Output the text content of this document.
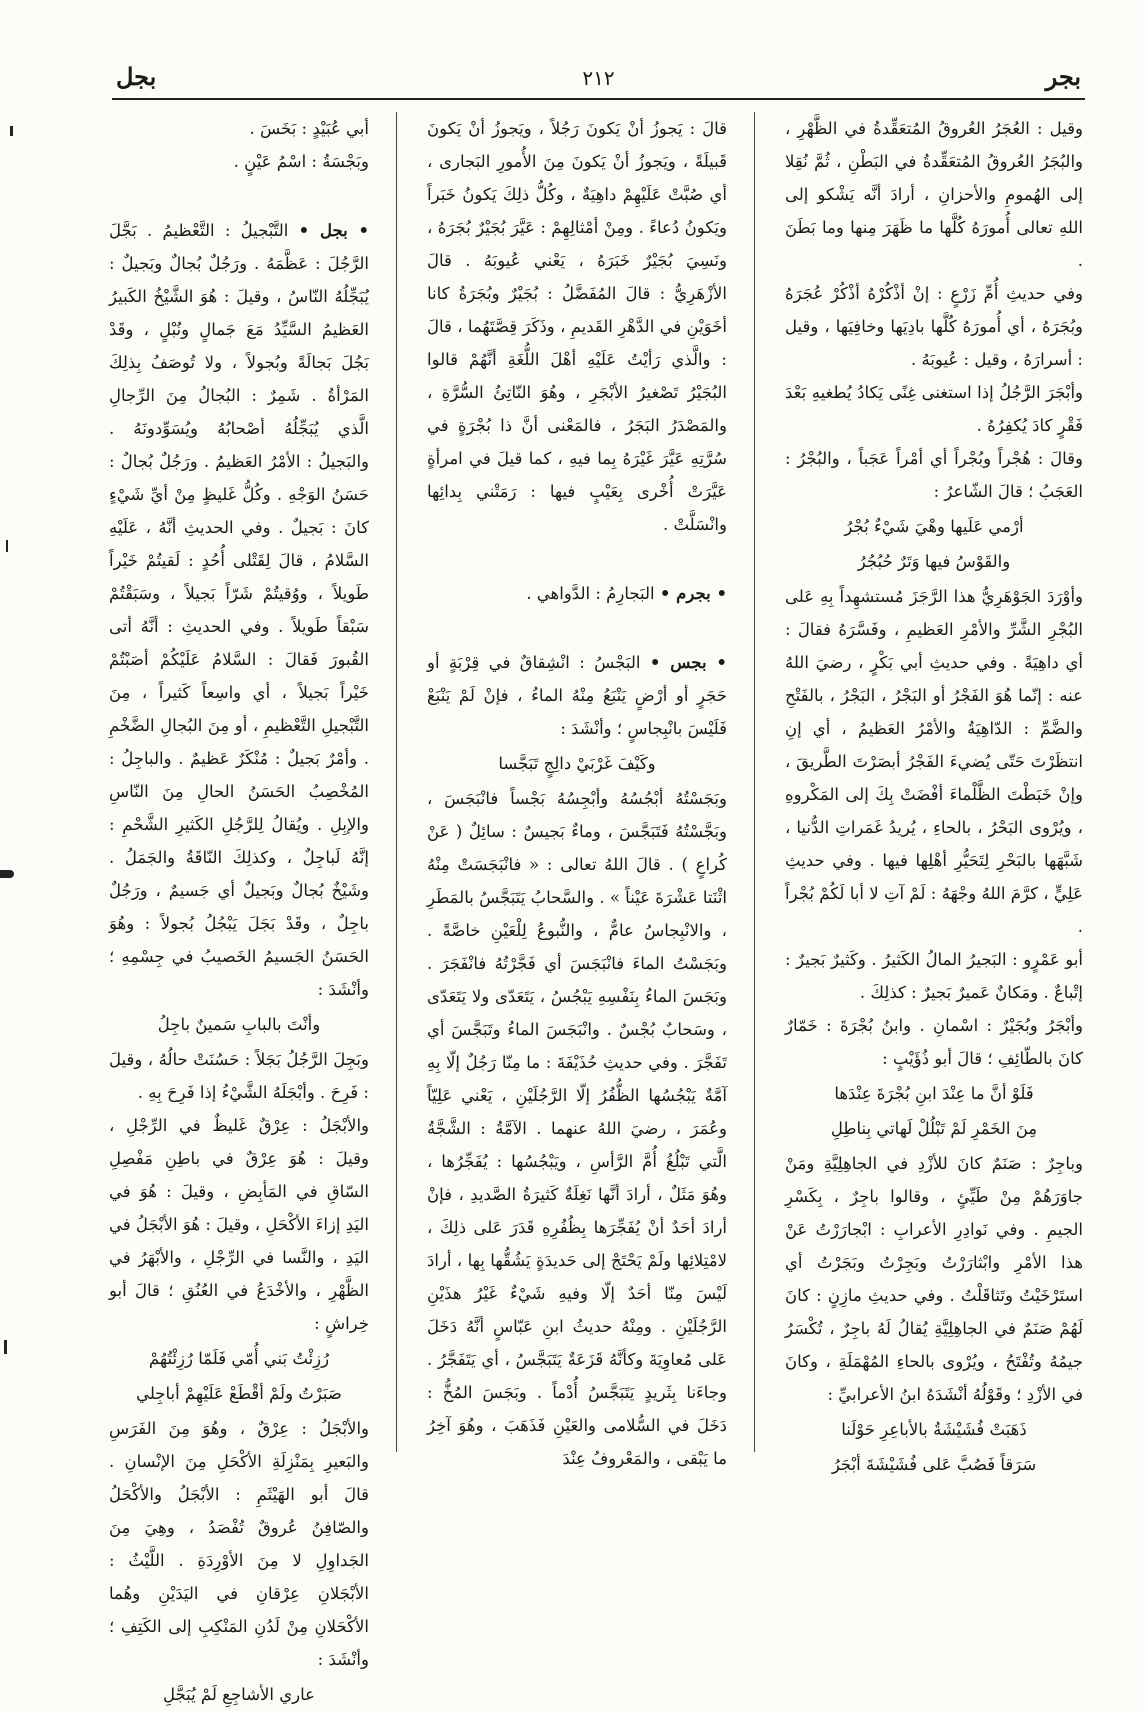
بجر
٢١٢
بجل

وقيل : العُجَرُ العُروقُ المُتعَقِّدةُ في الظَّهْرِ ، والبُجَرُ العُروقُ المُتعَقِّدةُ في البَطْنِ ، ثُمَّ نُقِلا إلى الهُمومِ والأحزانِ ، أرادَ أنَّه يَشْكو إلى اللهِ تعالى أُمورَهُ كُلَّها ما ظَهَرَ مِنها وما بَطَنَ .

وفي حديثِ أُمِّ زَرْعٍ : إنْ أذْكُرْهُ أذْكُرْ عُجَرَهُ وبُجَرَهُ ، أي أُمورَهُ كُلَّها بادِيَها وخافِيَها ، وقيل : أسرارَهُ ، وقيل : عُيوبَهُ .

وأبْجَرَ الرَّجُلُ إذا استغنى غِنًى يَكادُ يُطغيهِ بَعْدَ فَقْرٍ كادَ يُكفِرُهُ .

وقالَ : هُجْراً وبُجْراً أي أمْراً عَجَباً ، والبُجْرُ : العَجَبُ ؛ قالَ الشّاعرُ :

أرْمي عَلَيها وهْيَ شَيْءٌ بُجْرُ

والقَوْسُ فيها وَتَرٌ حُبُجُرُ

وأوْرَدَ الجَوْهَرِيُّ هذا الرَّجَزَ مُستشهِداً بِهِ عَلى البُجْرِ الشَّرِّ والأمْرِ العَظيمِ ، وفَسَّرَهُ فقالَ : أي داهِيَةً . وفي حديثِ أبي بَكْرٍ ، رضيَ اللهُ عنه : إنّما هُوَ الفَجْرُ أو البَجْرُ ، البَجْرُ ، بالفَتْحِ والضَّمِّ : الدّاهِيَةُ والأمْرُ العَظيمُ ، أي إنِ انتظَرْتَ حَتّى يُضيءَ الفَجْرُ أبصَرْتَ الطَّريقَ ، وإنْ خَبَطْتَ الظَّلْماءَ أفْضَتْ بِكَ إلى المَكْروهِ ، ويُرْوى البَحْرُ ، بالحاءِ ، يُريدُ غَمَراتِ الدُّنيا ، شَبَّهَها بالبَحْرِ لِتَحَيُّرِ أهْلِها فيها . وفي حديثِ عَلِيٍّ ، كرَّمَ اللهُ وجْهَهُ : لَمْ آتِ لا أبا لَكُمْ بُجْراً .

أبو عَمْرٍو : البَجيرُ المالُ الكَثيرُ . وكَثيرٌ بَجيرٌ : إتْباعٌ . ومَكانٌ عَميرٌ بَجيرٌ : كذلِكَ .

وأبْجَرُ وبُجَيْرٌ : اسْمانِ . وابنُ بُجْرَةَ : خَمّارٌ كانَ بالطّائِفِ ؛ قالَ أبو ذُؤَيْبٍ :

فَلَوْ أنَّ ما عِنْدَ ابنِ بُجْرَةَ عِنْدَها

مِنَ الخَمْرِ لَمْ تَبْلُلْ لَهاتي بِناطِلِ

وباجِرٌ : صَنَمٌ كانَ للأزْدِ في الجاهِلِيَّةِ ومَنْ جاوَرَهُمْ مِنْ طَيِّئٍ ، وقالوا باجِرٌ ، بِكَسْرِ الجيمِ . وفي نَوادِرِ الأعرابِ : ابْجارَرْتُ عَنْ هذا الأمْرِ وابْثارَرْتُ وبَجِرْتُ وبَجَرْتُ أي استَرْخَيْتُ وتَثاقَلْتُ . وفي حديثِ مازِنٍ : كانَ لَهُمْ صَنَمٌ في الجاهِلِيَّةِ يُقالُ لَهُ باجِرٌ ، تُكْسَرُ جيمُهُ وتُفْتَحُ ، ويُرْوى بالحاءِ المُهْمَلَةِ ، وكانَ في الأزْدِ ؛ وقَوْلُهُ أنْشَدَهُ ابنُ الأعرابيِّ :

ذَهَبَتْ فُشَيْشَةُ بالأباعِرِ حَوْلَنا

سَرَقاً فَصُبَّ عَلى فُشَيْشَةَ أبْجَرُ

قالَ : يَجوزُ أنْ يَكونَ رَجُلاً ، ويَجوزُ أنْ يَكونَ قَبيلَةً ، ويَجوزُ أنْ يَكونَ مِنَ الأُمورِ البَجارى ، أي صُبَّتْ عَلَيْهِمْ داهِيَةٌ ، وكُلُّ ذلِكَ يَكونُ خَبَراً ويَكونُ دُعاءً . ومِنْ أمْثالِهِمْ : عَيَّرَ بُجَيْرٌ بُجَرَهُ ، ونَسِيَ بُجَيْرٌ خَبَرَهُ ، يَعْني عُيوبَهُ . قالَ الأزْهَرِيُّ : قالَ المُفَضَّلُ : بُجَيْرٌ وبُجَرَةُ كانا أخَوَيْنِ في الدَّهْرِ القَديمِ ، وذَكَرَ قِصَّتَهُما ، قالَ : والَّذي رَأيْتُ عَلَيْهِ أهْلَ اللُّغَةِ أنَّهُمْ قالوا البُجَيْرُ تَصْغيرُ الأبْجَرِ ، وهُوَ النّاتِئُ السُّرَّةِ ، والمَصْدَرُ البَجَرُ ، فالمَعْنى أنَّ ذا بُجْرَةٍ في سُرَّتِهِ عَيَّرَ غَيْرَهُ بِما فيهِ ، كما قيلَ في امرأةٍ عَيَّرَتْ أُخْرى بِعَيْبٍ فيها : رَمَتْني بِدائِها وانْسَلَّتْ .

• بجرم • البَجارِمُ : الدَّواهي .

• بجس • البَجْسُ : انْشِقاقٌ في قِرْبَةٍ أو حَجَرٍ أو أرْضٍ يَنْبَعُ مِنْهُ الماءُ ، فإنْ لَمْ يَنْبَعْ فَلَيْسَ بانْبِجاسٍ ؛ وأنْشَدَ :

وكَيْفَ غَرْبَيْ دالِجٍ تَبَجَّسا

وبَجَسْتُهُ أبْجُسُهُ وأبْجِسُهُ بَجْساً فانْبَجَسَ ، وبَجَّسْتُهُ فَتَبَجَّسَ ، وماءٌ بَجيسٌ : سائِلٌ ( عَنْ كُراعٍ ) . قالَ اللهُ تعالى : « فانْبَجَسَتْ مِنْهُ اثْنَتا عَشْرَةَ عَيْناً » . والسَّحابُ يَتَبَجَّسُ بالمَطَرِ ، والانْبِجاسُ عامٌّ ، والنُّبوعُ لِلْعَيْنِ خاصَّةً . وبَجَسْتُ الماءَ فانْبَجَسَ أي فَجَّرْتُهُ فانْفَجَرَ . وبَجَسَ الماءُ بِنَفْسِهِ يَبْجُسُ ، يَتَعَدّى ولا يَتَعَدّى ، وسَحابٌ بُجْسٌ . وانْبَجَسَ الماءُ وتَبَجَّسَ أي تَفَجَّرَ . وفي حديثِ حُذَيْفَةَ : ما مِنّا رَجُلٌ إلّا بِهِ آمَّةٌ يَبْجُسُها الظُّفُرُ إلّا الرَّجُلَيْنِ ، يَعْني عَلِيّاً وعُمَرَ ، رضيَ اللهُ عنهما . الآمَّةُ : الشَّجَّةُ الَّتي تَبْلُغُ أُمَّ الرَّأسِ ، ويَبْجُسُها : يُفَجِّرُها ، وهُوَ مَثَلٌ ، أرادَ أنَّها نَغِلَةٌ كَثيرَةُ الصَّديدِ ، فإنْ أرادَ أحَدٌ أنْ يُفَجِّرَها بِظُفُرِهِ قَدَرَ عَلى ذلِكَ ، لامْتِلائِها ولَمْ يَحْتَجْ إلى حَديدَةٍ يَشُقُّها بِها ، أرادَ لَيْسَ مِنّا أحَدٌ إلّا وفيهِ شَيْءٌ غَيْرُ هذَيْنِ الرَّجُلَيْنِ . ومِنْهُ حديثُ ابنِ عَبّاسٍ أنَّهُ دَخَلَ عَلى مُعاوِيَةَ وكأنَّهُ قَزَعَةٌ يَتَبَجَّسُ ، أي يَتَفَجَّرُ . وجاءَنا بِثَريدٍ يَتَبَجَّسُ أُدْماً . وبَجَسَ المُخُّ : دَخَلَ في السُّلامى والعَيْنِ فَذَهَبَ ، وهُوَ آخِرُ ما يَبْقى ، والمَعْروفُ عِنْدَ

أبي عُبَيْدٍ : بَخَسَ .

وبَجْسَةُ : اسْمُ عَيْنٍ .

• بجل • التَّبْجيلُ : التَّعْظيمُ . بَجَّلَ الرَّجُلَ : عَظَّمَهُ . ورَجُلٌ بُجالٌ وبَجيلٌ : يُبَجِّلُهُ النّاسُ ، وقيلَ : هُوَ الشَّيْخُ الكَبيرُ العَظيمُ السَّيِّدُ مَعَ جَمالٍ ونُبْلٍ ، وقَدْ بَجُلَ بَجالَةً وبُجولاً ، ولا تُوصَفُ بِذلِكَ المَرْأةُ . شَمِرٌ : البُجالُ مِنَ الرِّجالِ الَّذي يُبَجِّلُهُ أصْحابُهُ ويُسَوِّدونَهُ . والبَجيلُ : الأمْرُ العَظيمُ . ورَجُلٌ بُجالٌ : حَسَنُ الوَجْهِ . وكُلُّ غَليظٍ مِنْ أيِّ شَيْءٍ كانَ : بَجيلٌ . وفي الحديثِ أنَّهُ ، عَلَيْهِ السَّلامُ ، قالَ لِقَتْلى أُحُدٍ : لَقيتُمْ خَيْراً طَويلاً ، ووُقيتُمْ شَرّاً بَجيلاً ، وسَبَقْتُمْ سَبْقاً طَويلاً . وفي الحديثِ : أنَّهُ أتى القُبورَ فَقالَ : السَّلامُ عَلَيْكُمْ أصَبْتُمْ خَيْراً بَجيلاً ، أي واسِعاً كَثيراً ، مِنَ التَّبْجيلِ التَّعْظيمِ ، أو مِنَ البُجالِ الضَّخْمِ . وأمْرٌ بَجيلٌ : مُنْكَرٌ عَظيمٌ . والباجِلُ : المُخْصِبُ الحَسَنُ الحالِ مِنَ النّاسِ والإبِلِ . ويُقالُ لِلرَّجُلِ الكَثيرِ الشَّحْمِ : إنَّهُ لَباجِلٌ ، وكذلِكَ النّاقَةُ والجَمَلُ . وشَيْخٌ بُجالٌ وبَجيلٌ أي جَسيمٌ ، ورَجُلٌ باجِلٌ ، وقَدْ بَجَلَ يَبْجُلُ بُجولاً : وهُوَ الحَسَنُ الجَسيمُ الخَصيبُ في جِسْمِهِ ؛ وأنْشَدَ :

وأنْتَ بالبابِ سَمينٌ باجِلُ

وبَجِلَ الرَّجُلُ بَجَلاً : حَسُنَتْ حالُهُ ، وقيلَ : فَرِحَ . وأبْجَلَهُ الشَّيْءُ إذا فَرِحَ بِهِ .

والأبْجَلُ : عِرْقٌ غَليظٌ في الرِّجْلِ ، وقيلَ : هُوَ عِرْقٌ في باطِنِ مَفْصِلِ السّاقِ في المَأبِضِ ، وقيلَ : هُوَ في اليَدِ إزاءَ الأكْحَلِ ، وقيلَ : هُوَ الأبْجَلُ في اليَدِ ، والنَّسا في الرِّجْلِ ، والأبْهَرُ في الظَّهْرِ ، والأخْدَعُ في العُنُقِ ؛ قالَ أبو خِراشٍ :

رُزِئْتُ بَني أُمّي فَلَمّا رُزِئْتُهُمْ

صَبَرْتُ ولَمْ أقْطَعْ عَلَيْهِمْ أباجِلي

والأبْجَلُ : عِرْقٌ ، وهُوَ مِنَ الفَرَسِ والبَعيرِ بِمَنْزِلَةِ الأكْحَلِ مِنَ الإنْسانِ . قالَ أبو الهَيْثَمِ : الأبْجَلُ والأكْحَلُ والصّافِنُ عُروقٌ تُفْصَدُ ، وهِيَ مِنَ الجَداوِلِ لا مِنَ الأوْرِدَةِ . اللَّيْثُ : الأبْجَلانِ عِرْقانِ في اليَدَيْنِ وهُما الأكْحَلانِ مِنْ لَدُنِ المَنْكِبِ إلى الكَتِفِ ؛ وأنْشَدَ :

عاري الأشاجِعِ لَمْ يُبَجَّلِ
